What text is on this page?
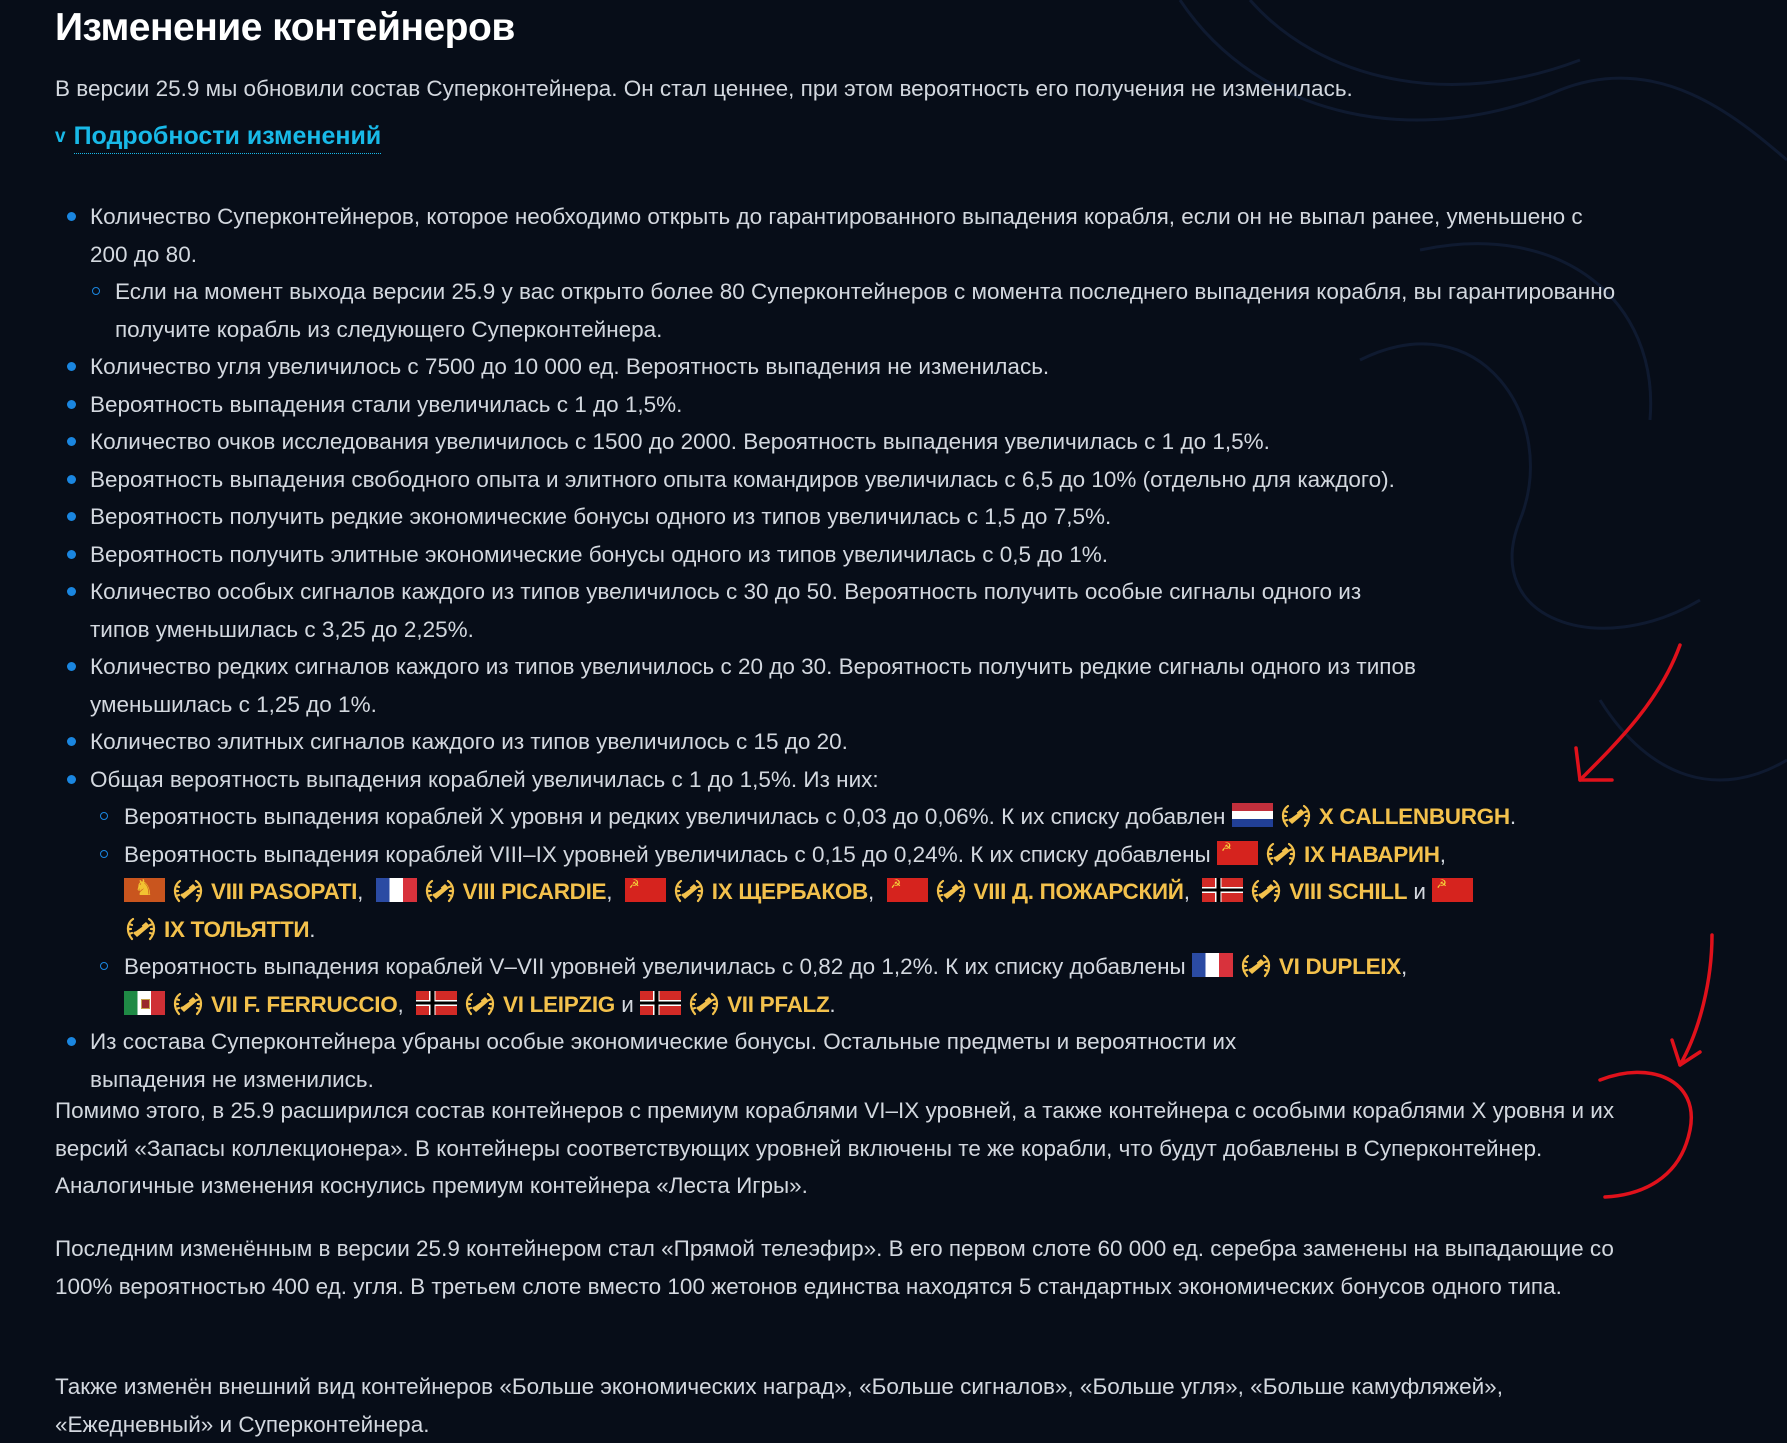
Изменение контейнеров

В версии 25.9 мы обновили состав Суперконтейнера. Он стал ценнее, при этом вероятность его получения не изменилась.

v Подробности изменений
Количество Суперконтейнеров, которое необходимо открыть до гарантированного выпадения корабля, если он не выпал ранее, уменьшено с 200 до 80.
Если на момент выхода версии 25.9 у вас открыто более 80 Суперконтейнеров с момента последнего выпадения корабля, вы гарантированно получите корабль из следующего Суперконтейнера.
Количество угля увеличилось с 7500 до 10 000 ед. Вероятность выпадения не изменилась.
Вероятность выпадения стали увеличилась с 1 до 1,5%.
Количество очков исследования увеличилось с 1500 до 2000. Вероятность выпадения увеличилась с 1 до 1,5%.
Вероятность выпадения свободного опыта и элитного опыта командиров увеличилась с 6,5 до 10% (отдельно для каждого).
Вероятность получить редкие экономические бонусы одного из типов увеличилась с 1,5 до 7,5%.
Вероятность получить элитные экономические бонусы одного из типов увеличилась с 0,5 до 1%.
Количество особых сигналов каждого из типов увеличилось с 30 до 50. Вероятность получить особые сигналы одного из типов уменьшилась с 3,25 до 2,25%.
Количество редких сигналов каждого из типов увеличилось с 20 до 30. Вероятность получить редкие сигналы одного из типов уменьшилась с 1,25 до 1%.
Количество элитных сигналов каждого из типов увеличилось с 15 до 20.
Общая вероятность выпадения кораблей увеличилась с 1 до 1,5%. Из них:
Вероятность выпадения кораблей X уровня и редких увеличилась с 0,03 до 0,06%. К их списку добавлен	X CALLENBURGH.
Вероятность выпадения кораблей VIII–IX уровней увеличилась с 0,15 до 0,24%. К их списку добавлены ☭	IX НАВАРИН, ♞VIII PASOPATI,	VIII PICARDIE, ☭	IX ЩЕРБАКОВ, ☭	VIII Д. ПОЖАРСКИЙ,	VIII SCHILL и ☭IX ТОЛЬЯТТИ.
Вероятность выпадения кораблей V–VII уровней увеличилась с 0,82 до 1,2%. К их списку добавлены	VI DUPLEIX, VII F. FERRUCCIO,	VI LEIPZIG и	VII PFALZ.
Из состава Суперконтейнера убраны особые экономические бонусы. Остальные предметы и вероятности их выпадения не изменились.

Помимо этого, в 25.9 расширился состав контейнеров с премиум кораблями VI–IX уровней, а также контейнера с особыми кораблями X уровня и их версий «Запасы коллекционера». В контейнеры соответствующих уровней включены те же корабли, что будут добавлены в Суперконтейнер. Аналогичные изменения коснулись премиум контейнера «Леста Игры».

Последним изменённым в версии 25.9 контейнером стал «Прямой телеэфир». В его первом слоте 60 000 ед. серебра заменены на выпадающие со 100% вероятностью 400 ед. угля. В третьем слоте вместо 100 жетонов единства находятся 5 стандартных экономических бонусов одного типа.

Также изменён внешний вид контейнеров «Больше экономических наград», «Больше сигналов», «Больше угля», «Больше камуфляжей», «Ежедневный» и Суперконтейнера.
